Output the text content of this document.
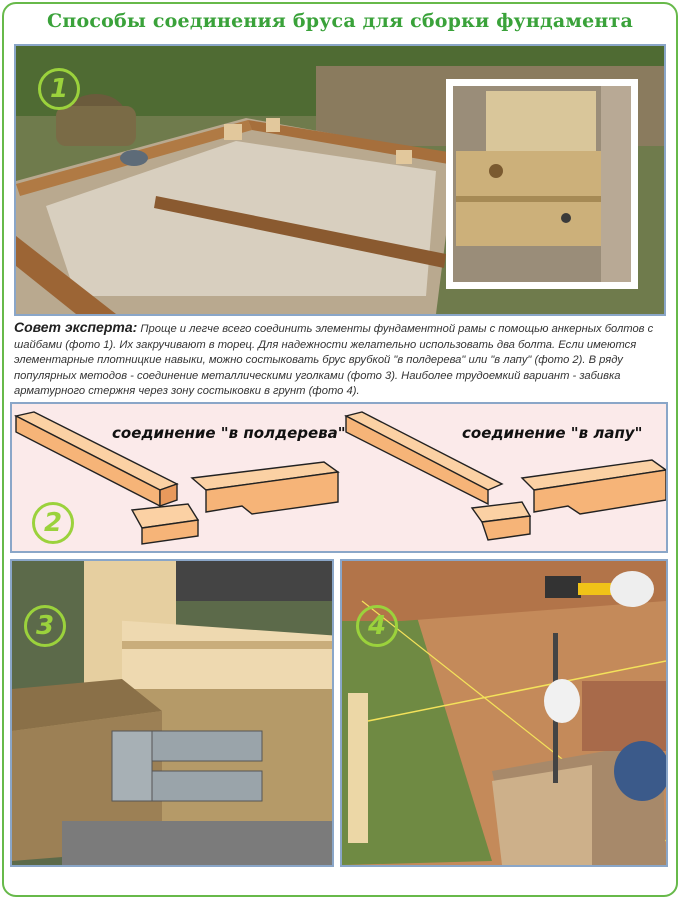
Способы соединения бруса для сборки фундамента
1
Совет эксперта: Проще и легче всего соединить элементы фундаментной рамы с помощью анкерных болтов с шайбами (фото 1). Их закручивают в торец. Для надежности желательно использовать два болта. Если имеются элементарные плотницкие навыки, можно состыковать брус врубкой "в полдерева" или "в лапу" (фото 2). В ряду популярных методов - соединение металлическими уголками (фото 3). Наиболее трудоемкий вариант - забивка арматурного стержня через зону состыковки в грунт (фото 4).
соединение "в полдерева"	соединение "в лапу"
2
3	4
